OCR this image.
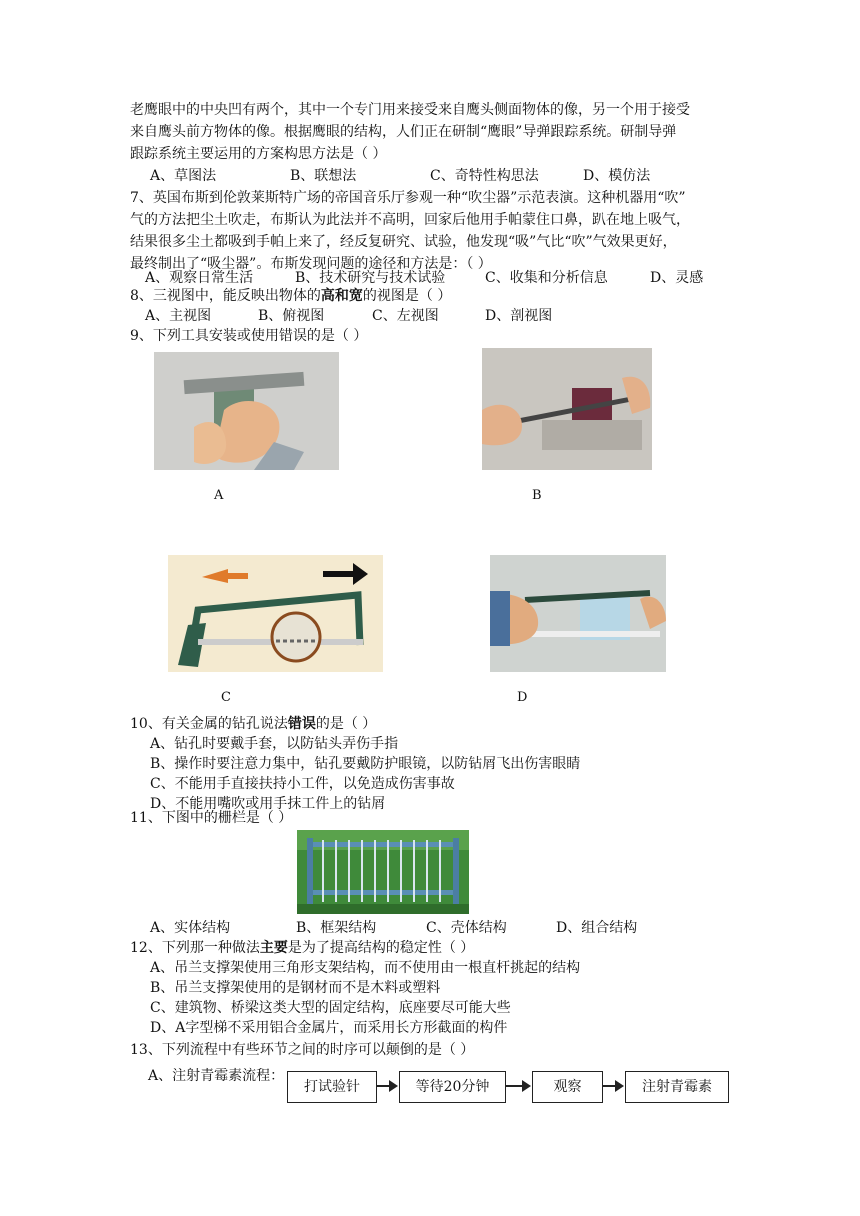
老鹰眼中的中央凹有两个，其中一个专门用来接受来自鹰头侧面物体的像，另一个用于接受
来自鹰头前方物体的像。根据鹰眼的结构，人们正在研制“鹰眼”导弹跟踪系统。研制导弹
跟踪系统主要运用的方案构思方法是（ ）
A、草图法	B、联想法	C、奇特性构思法	D、模仿法
7、英国布斯到伦敦莱斯特广场的帝国音乐厅参观一种“吹尘器”示范表演。这种机器用“吹”
气的方法把尘土吹走，布斯认为此法并不高明，回家后他用手帕蒙住口鼻，趴在地上吸气，
结果很多尘土都吸到手帕上来了，经反复研究、试验，他发现“吸”气比“吹”气效果更好，
最终制出了“吸尘器”。布斯发现问题的途径和方法是：（ ）
A、观察日常生活	B、技术研究与技术试验	C、收集和分析信息	D、灵感
8、三视图中，能反映出物体的高和宽的视图是（ ）
A、主视图	B、俯视图	C、左视图	D、剖视图
9、下列工具安装或使用错误的是（ ）
A	B
C	D
10、有关金属的钻孔说法错误的是（ ）
A、钻孔时要戴手套，以防钻头弄伤手指
B、操作时要注意力集中，钻孔要戴防护眼镜，以防钻屑飞出伤害眼睛
C、不能用手直接扶持小工件，以免造成伤害事故
D、不能用嘴吹或用手抹工件上的钻屑
11、下图中的栅栏是（ ）
A、实体结构	B、框架结构	C、壳体结构	D、组合结构
12、下列那一种做法主要是为了提高结构的稳定性（ ）
A、吊兰支撑架使用三角形支架结构，而不使用由一根直杆挑起的结构
B、吊兰支撑架使用的是钢材而不是木料或塑料
C、建筑物、桥梁这类大型的固定结构，底座要尽可能大些
D、A字型梯不采用铝合金属片，而采用长方形截面的构件
13、下列流程中有些环节之间的时序可以颠倒的是（ ）
A、注射青霉素流程：
打试验针	等待20分钟	观察	注射青霉素
